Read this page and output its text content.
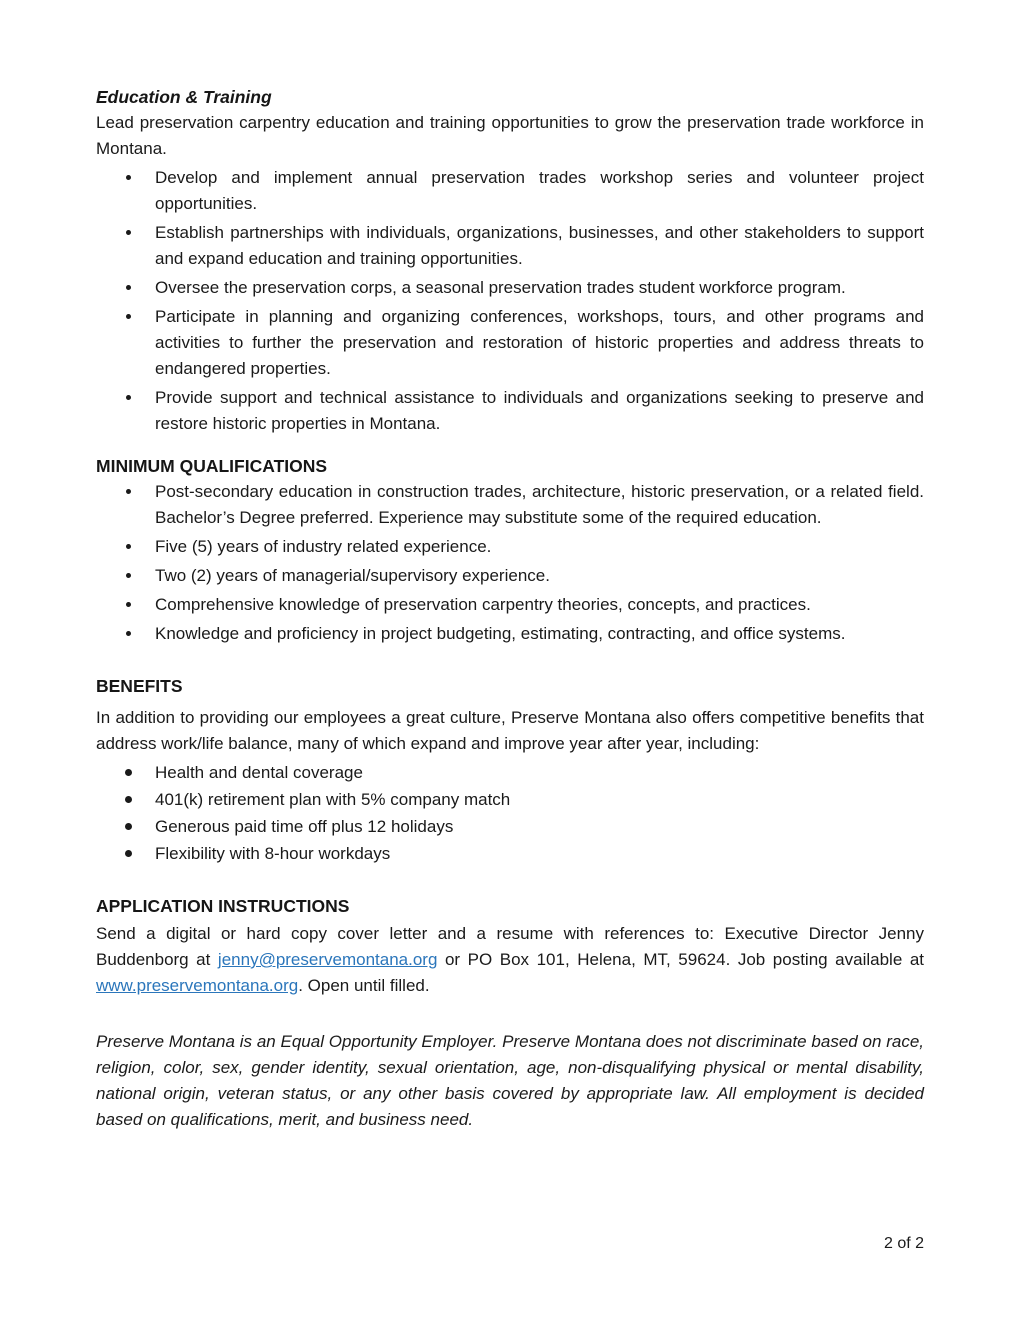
Education & Training

Lead preservation carpentry education and training opportunities to grow the preservation trade workforce in Montana.

Develop and implement annual preservation trades workshop series and volunteer project opportunities.
Establish partnerships with individuals, organizations, businesses, and other stakeholders to support and expand education and training opportunities.
Oversee the preservation corps, a seasonal preservation trades student workforce program.
Participate in planning and organizing conferences, workshops, tours, and other programs and activities to further the preservation and restoration of historic properties and address threats to endangered properties.
Provide support and technical assistance to individuals and organizations seeking to preserve and restore historic properties in Montana.
MINIMUM QUALIFICATIONS
Post-secondary education in construction trades, architecture, historic preservation, or a related field. Bachelor’s Degree preferred. Experience may substitute some of the required education.
Five (5) years of industry related experience.
Two (2) years of managerial/supervisory experience.
Comprehensive knowledge of preservation carpentry theories, concepts, and practices.
Knowledge and proficiency in project budgeting, estimating, contracting, and office systems.
BENEFITS

In addition to providing our employees a great culture, Preserve Montana also offers competitive benefits that address work/life balance, many of which expand and improve year after year, including:

Health and dental coverage
401(k) retirement plan with 5% company match
Generous paid time off plus 12 holidays
Flexibility with 8-hour workdays
APPLICATION INSTRUCTIONS

Send a digital or hard copy cover letter and a resume with references to: Executive Director Jenny Buddenborg at jenny@preservemontana.org or PO Box 101, Helena, MT, 59624. Job posting available at www.preservemontana.org. Open until filled.

Preserve Montana is an Equal Opportunity Employer. Preserve Montana does not discriminate based on race, religion, color, sex, gender identity, sexual orientation, age, non-disqualifying physical or mental disability, national origin, veteran status, or any other basis covered by appropriate law. All employment is decided based on qualifications, merit, and business need.

2 of 2
